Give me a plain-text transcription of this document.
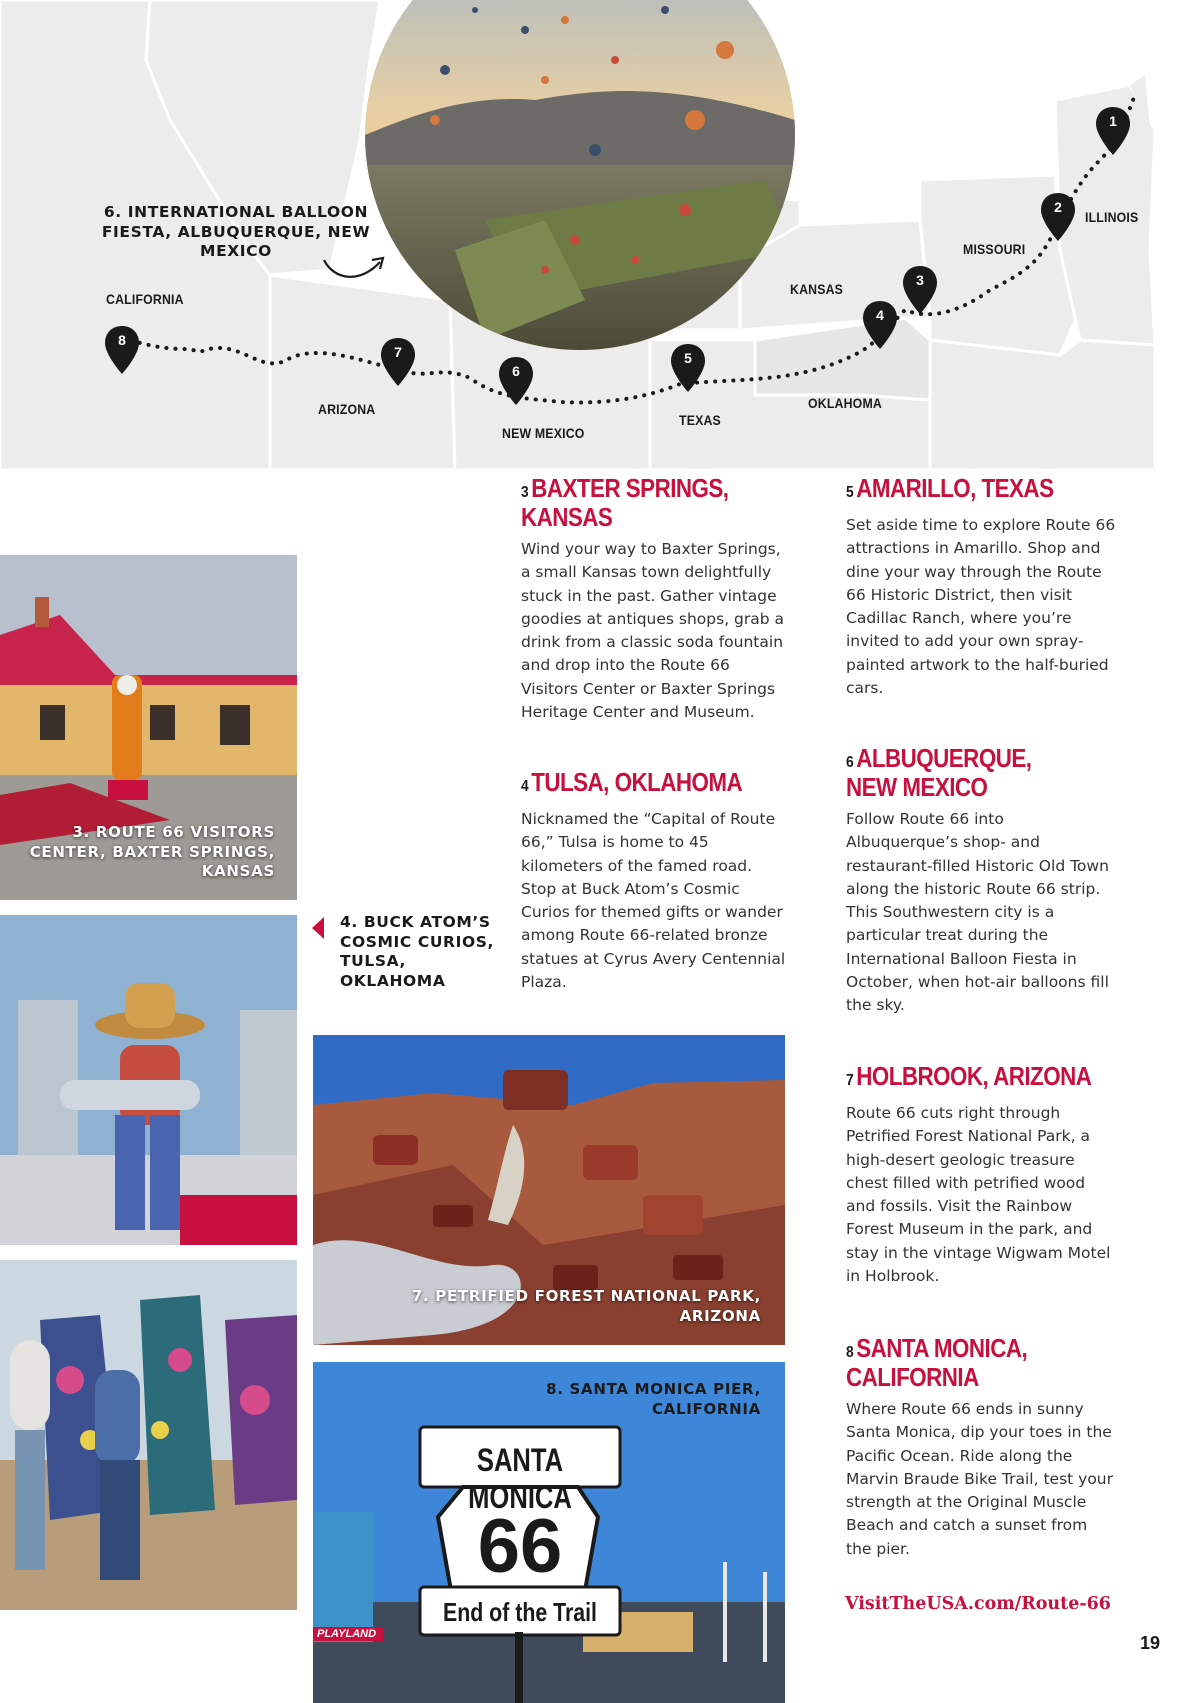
CALIFORNIA
ARIZONA
NEW MEXICO
TEXAS
OKLAHOMA
KANSAS
MISSOURI
ILLINOIS
1
2
3
4
5
6
7
8
6. INTERNATIONAL BALLOON FIESTA, ALBUQUERQUE, NEW MEXICO
3. ROUTE 66 VISITORS CENTER, BAXTER SPRINGS, KANSAS
4. BUCK ATOM’S COSMIC CURIOS, TULSA, OKLAHOMA
7. PETRIFIED FOREST NATIONAL PARK, ARIZONA
SANTA MONICA
66
End of the Trail
PLAYLAND
8. SANTA MONICA PIER, CALIFORNIA
3BAXTER SPRINGS,
KANSAS

Wind your way to Baxter Springs, a small Kansas town delightfully stuck in the past. Gather vintage goodies at antiques shops, grab a drink from a classic soda fountain and drop into the Route 66 Visitors Center or Baxter Springs Heritage Center and Museum.

4TULSA, OKLAHOMA

Nicknamed the “Capital of Route 66,” Tulsa is home to 45 kilometers of the famed road. Stop at Buck Atom’s Cosmic Curios for themed gifts or wander among Route 66-related bronze statues at Cyrus Avery Centennial Plaza.

5AMARILLO, TEXAS

Set aside time to explore Route 66 attractions in Amarillo. Shop and dine your way through the Route 66 Historic District, then visit Cadillac Ranch, where you’re invited to add your own spray-painted artwork to the half-buried cars.

6ALBUQUERQUE,
NEW MEXICO

Follow Route 66 into Albuquerque’s shop- and restaurant-filled Historic Old Town along the historic Route 66 strip. This Southwestern city is a particular treat during the International Balloon Fiesta in October, when hot-air balloons fill the sky.

7HOLBROOK, ARIZONA

Route 66 cuts right through Petrified Forest National Park, a high-desert geologic treasure chest filled with petrified wood and fossils. Visit the Rainbow Forest Museum in the park, and stay in the vintage Wigwam Motel in Holbrook.

8SANTA MONICA,
CALIFORNIA

Where Route 66 ends in sunny Santa Monica, dip your toes in the Pacific Ocean. Ride along the Marvin Braude Bike Trail, test your strength at the Original Muscle Beach and catch a sunset from the pier.

VisitTheUSA.com/Route-66
19
